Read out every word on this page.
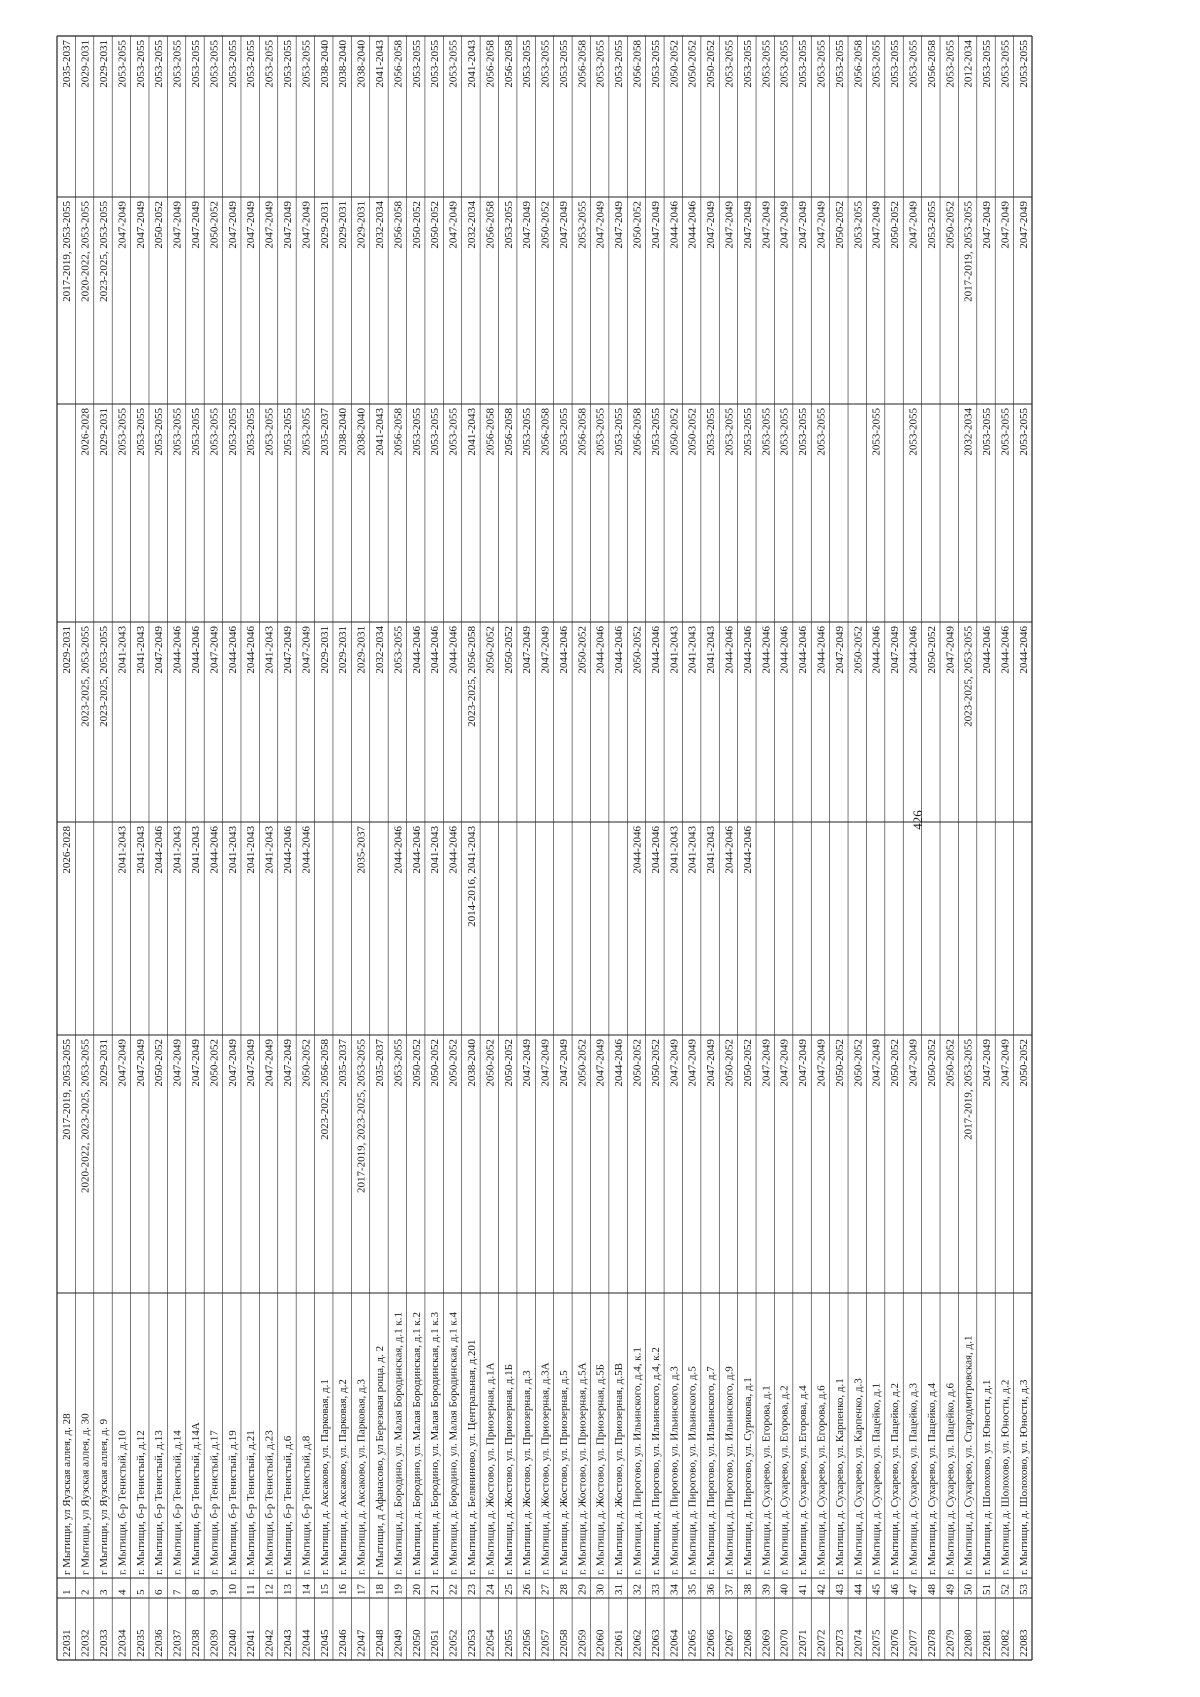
22031
1
г Мытищи, ул Яузская аллея, д. 28
2017-2019, 2053-2055
2026-2028
2029-2031
2017-2019, 2053-2055
2035-2037
22032
2
г Мытищи, ул Яузская аллея, д. 30
2020-2022, 2023-2025, 2053-2055
2023-2025, 2053-2055
2026-2028
2020-2022, 2053-2055
2029-2031
22033
3
г Мытищи, ул Яузская аллея, д. 9
2029-2031
2023-2025, 2053-2055
2029-2031
2023-2025, 2053-2055
2029-2031
22034
4
г. Мытищи, б-р Тенистый, д.10
2047-2049
2041-2043
2041-2043
2053-2055
2047-2049
2053-2055
22035
5
г. Мытищи, б-р Тенистый, д.12
2047-2049
2041-2043
2041-2043
2053-2055
2047-2049
2053-2055
22036
6
г. Мытищи, б-р Тенистый, д.13
2050-2052
2044-2046
2047-2049
2053-2055
2050-2052
2053-2055
22037
7
г. Мытищи, б-р Тенистый, д.14
2047-2049
2041-2043
2044-2046
2053-2055
2047-2049
2053-2055
22038
8
г. Мытищи, б-р Тенистый, д.14А
2047-2049
2041-2043
2044-2046
2053-2055
2047-2049
2053-2055
22039
9
г. Мытищи, б-р Тенистый, д.17
2050-2052
2044-2046
2047-2049
2053-2055
2050-2052
2053-2055
22040
10
г. Мытищи, б-р Тенистый, д.19
2047-2049
2041-2043
2044-2046
2053-2055
2047-2049
2053-2055
22041
11
г. Мытищи, б-р Тенистый, д.21
2047-2049
2041-2043
2044-2046
2053-2055
2047-2049
2053-2055
22042
12
г. Мытищи, б-р Тенистый, д.23
2047-2049
2041-2043
2041-2043
2053-2055
2047-2049
2053-2055
22043
13
г. Мытищи, б-р Тенистый, д.6
2047-2049
2044-2046
2047-2049
2053-2055
2047-2049
2053-2055
22044
14
г. Мытищи, б-р Тенистый, д.8
2050-2052
2044-2046
2047-2049
2053-2055
2047-2049
2053-2055
22045
15
г. Мытищи, д. Аксаково, ул. Парковая, д.1
2023-2025, 2056-2058
2029-2031
2035-2037
2029-2031
2038-2040
22046
16
г. Мытищи, д. Аксаково, ул. Парковая, д.2
2035-2037
2029-2031
2038-2040
2029-2031
2038-2040
22047
17
г. Мытищи, д. Аксаково, ул. Парковая, д.3
2017-2019, 2023-2025, 2053-2055
2035-2037
2029-2031
2038-2040
2029-2031
2038-2040
22048
18
г Мытищи, д Афанасово, ул Березовая роща, д. 2
2035-2037
2032-2034
2041-2043
2032-2034
2041-2043
22049
19
г. Мытищи, д. Бородино, ул. Малая Бородинская, д.1 к.1
2053-2055
2044-2046
2053-2055
2056-2058
2056-2058
2056-2058
22050
20
г. Мытищи, д. Бородино, ул. Малая Бородинская, д.1 к.2
2050-2052
2044-2046
2044-2046
2053-2055
2050-2052
2053-2055
22051
21
г. Мытищи, д. Бородино, ул. Малая Бородинская, д.1 к.3
2050-2052
2041-2043
2044-2046
2053-2055
2050-2052
2053-2055
22052
22
г. Мытищи, д. Бородино, ул. Малая Бородинская, д.1 к.4
2050-2052
2044-2046
2044-2046
2053-2055
2047-2049
2053-2055
22053
23
г. Мытищи, д. Беляниново, ул. Центральная, д.201
2038-2040
2014-2016, 2041-2043
2023-2025, 2056-2058
2041-2043
2032-2034
2041-2043
22054
24
г. Мытищи, д. Жостово, ул. Приозерная, д.1А
2050-2052
2050-2052
2056-2058
2056-2058
2056-2058
22055
25
г. Мытищи, д. Жостово, ул. Приозерная, д.1Б
2050-2052
2050-2052
2056-2058
2053-2055
2056-2058
22056
26
г. Мытищи, д. Жостово, ул. Приозерная, д.3
2047-2049
2047-2049
2053-2055
2047-2049
2053-2055
22057
27
г. Мытищи, д. Жостово, ул. Приозерная, д.3А
2047-2049
2047-2049
2056-2058
2050-2052
2053-2055
22058
28
г. Мытищи, д. Жостово, ул. Приозерная, д.5
2047-2049
2044-2046
2053-2055
2047-2049
2053-2055
22059
29
г. Мытищи, д. Жостово, ул. Приозерная, д.5А
2050-2052
2050-2052
2056-2058
2053-2055
2056-2058
22060
30
г. Мытищи, д. Жостово, ул. Приозерная, д.5Б
2047-2049
2044-2046
2053-2055
2047-2049
2053-2055
22061
31
г. Мытищи, д. Жостово, ул. Приозерная, д.5В
2044-2046
2044-2046
2053-2055
2047-2049
2053-2055
22062
32
г. Мытищи, д. Пирогово, ул. Ильинского, д.4, к.1
2050-2052
2044-2046
2050-2052
2056-2058
2050-2052
2056-2058
22063
33
г. Мытищи, д. Пирогово, ул. Ильинского, д.4, к.2
2050-2052
2044-2046
2044-2046
2053-2055
2047-2049
2053-2055
22064
34
г. Мытищи, д. Пирогово, ул. Ильинского, д.3
2047-2049
2041-2043
2041-2043
2050-2052
2044-2046
2050-2052
22065
35
г. Мытищи, д. Пирогово, ул. Ильинского, д.5
2047-2049
2041-2043
2041-2043
2050-2052
2044-2046
2050-2052
22066
36
г. Мытищи, д. Пирогово, ул. Ильинского, д.7
2047-2049
2041-2043
2041-2043
2053-2055
2047-2049
2050-2052
22067
37
г. Мытищи, д. Пирогово, ул. Ильинского, д.9
2050-2052
2044-2046
2044-2046
2053-2055
2047-2049
2053-2055
22068
38
г. Мытищи, д. Пирогово, ул. Сурикова, д.1
2050-2052
2044-2046
2044-2046
2053-2055
2047-2049
2053-2055
22069
39
г. Мытищи, д. Сухарево, ул. Егорова, д.1
2047-2049
2044-2046
2053-2055
2047-2049
2053-2055
22070
40
г. Мытищи, д. Сухарево, ул. Егорова, д.2
2047-2049
2044-2046
2053-2055
2047-2049
2053-2055
22071
41
г. Мытищи, д. Сухарево, ул. Егорова, д.4
2047-2049
2044-2046
2053-2055
2047-2049
2053-2055
22072
42
г. Мытищи, д. Сухарево, ул. Егорова, д.6
2047-2049
2044-2046
2053-2055
2047-2049
2053-2055
22073
43
г. Мытищи, д. Сухарево, ул. Карпенко, д.1
2050-2052
2047-2049
2050-2052
2053-2055
22074
44
г. Мытищи, д. Сухарево, ул. Карпенко, д.3
2050-2052
2050-2052
2053-2055
2056-2058
22075
45
г. Мытищи, д. Сухарево, ул. Пацейко, д.1
2047-2049
2044-2046
2053-2055
2047-2049
2053-2055
22076
46
г. Мытищи, д. Сухарево, ул. Пацейко, д.2
2050-2052
2047-2049
2050-2052
2053-2055
22077
47
г. Мытищи, д. Сухарево, ул. Пацейко, д.3
2047-2049
2044-2046
2053-2055
2047-2049
2053-2055
22078
48
г. Мытищи, д. Сухарево, ул. Пацейко, д.4
2050-2052
2050-2052
2053-2055
2056-2058
22079
49
г. Мытищи, д. Сухарево, ул. Пацейко, д.6
2050-2052
2047-2049
2050-2052
2053-2055
22080
50
г. Мытищи, д. Сухарево, ул. Стародмитровская, д.1
2017-2019, 2053-2055
2023-2025, 2053-2055
2032-2034
2017-2019, 2053-2055
2012-2034
22081
51
г. Мытищи, д. Шолохово, ул. Юности, д.1
2047-2049
2044-2046
2053-2055
2047-2049
2053-2055
22082
52
г. Мытищи, д. Шолохово, ул. Юности, д.2
2047-2049
2044-2046
2053-2055
2047-2049
2053-2055
22083
53
г. Мытищи, д. Шолохово, ул. Юности, д.3
2050-2052
2044-2046
2053-2055
2047-2049
2053-2055
426
